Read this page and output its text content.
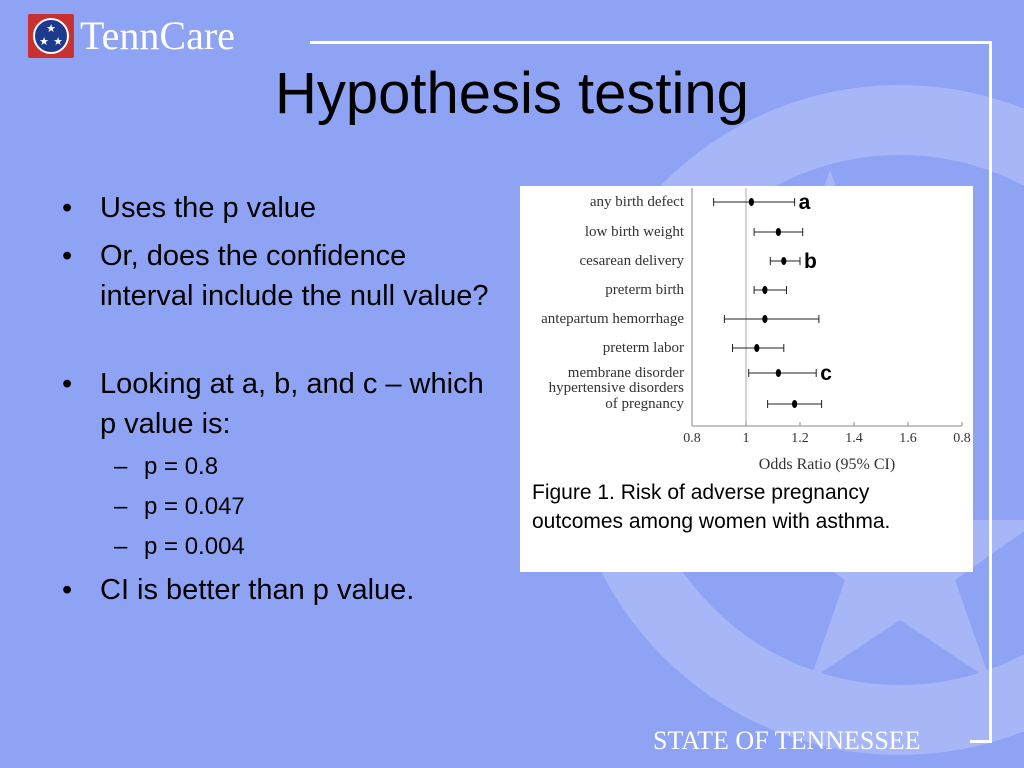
★
★ ★ TennCare
Hypothesis testing
• Uses the p value
• Or, does the confidence interval include the null value?
• Looking at a, b, and c – which p value is:
– p = 0.8
– p = 0.047
– p = 0.004
• CI is better than p value.
0.8	1	1.2	1.4	1.6	0.8
Odds Ratio (95% CI)
any birth defect	a
low birth weight
cesarean delivery	b
preterm birth
antepartum hemorrhage
preterm labor
membrane disorder	c
hypertensive disorders
of pregnancy
Figure 1. Risk of adverse pregnancy outcomes among women with asthma.
STATE OF TENNESSEE
